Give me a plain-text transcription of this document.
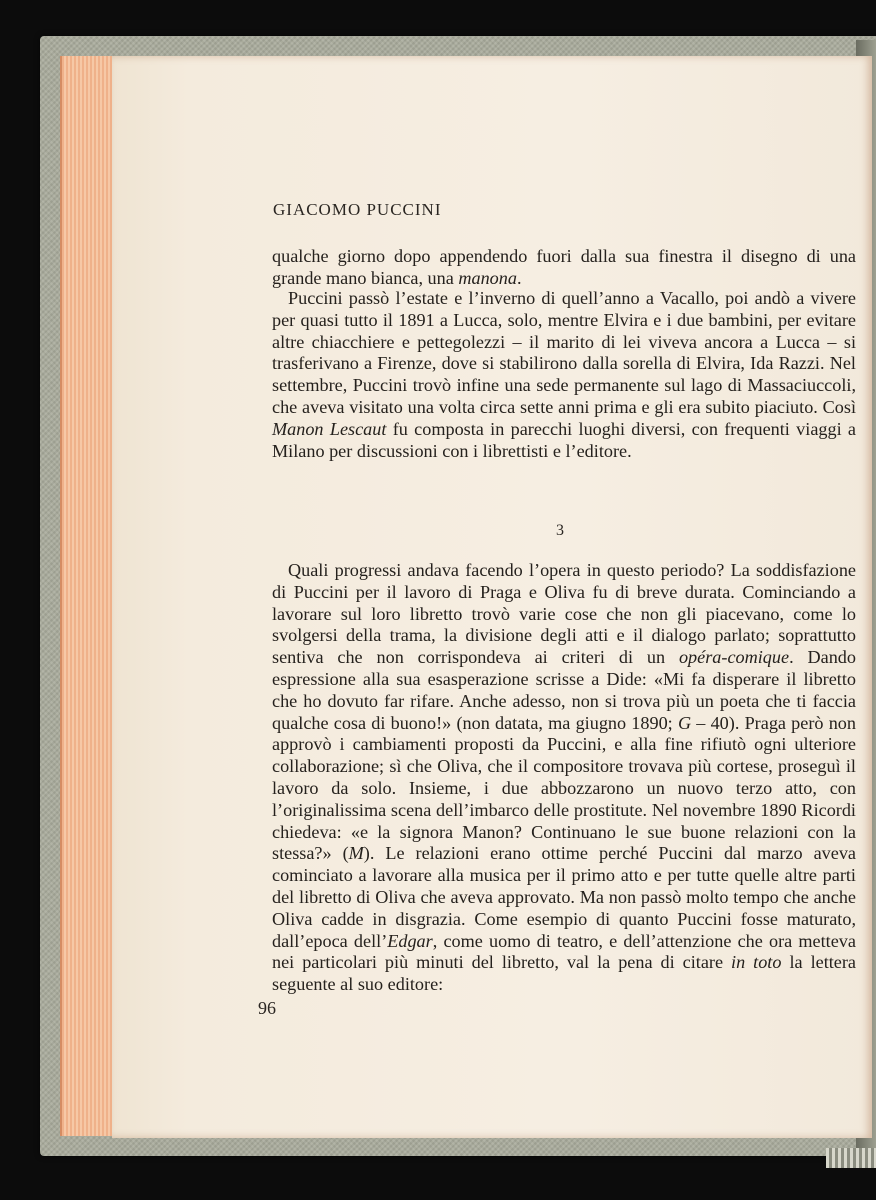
GIACOMO PUCCINI

qualche giorno dopo appendendo fuori dalla sua finestra il disegno di una grande mano bianca, una manona.

Puccini passò l’estate e l’inverno di quell’anno a Vacallo, poi andò a vivere per quasi tutto il 1891 a Lucca, solo, mentre Elvira e i due bambini, per evitare altre chiacchiere e pettegolezzi – il marito di lei viveva ancora a Lucca – si trasferivano a Firenze, dove si stabilirono dalla sorella di Elvira, Ida Razzi. Nel settembre, Puccini trovò infine una sede permanente sul lago di Massaciuccoli, che aveva visitato una volta circa sette anni prima e gli era subito piaciuto. Così Manon Lescaut fu composta in parecchi luoghi diversi, con frequenti viaggi a Milano per discussioni con i librettisti e l’editore.

3

Quali progressi andava facendo l’opera in questo periodo? La soddisfazione di Puccini per il lavoro di Praga e Oliva fu di breve durata. Cominciando a lavorare sul loro libretto trovò varie cose che non gli piacevano, come lo svolgersi della trama, la divisione degli atti e il dialogo parlato; soprattutto sentiva che non corrispondeva ai criteri di un opéra-comique. Dando espressione alla sua esasperazione scrisse a Dide: «Mi fa disperare il libretto che ho dovuto far rifare. Anche adesso, non si trova più un poeta che ti faccia qualche cosa di buono!» (non datata, ma giugno 1890; G – 40). Praga però non approvò i cambiamenti proposti da Puccini, e alla fine rifiutò ogni ulteriore collaborazione; sì che Oliva, che il compositore trovava più cortese, proseguì il lavoro da solo. Insieme, i due abbozzarono un nuovo terzo atto, con l’originalissima scena dell’imbarco delle prostitute. Nel novembre 1890 Ricordi chiedeva: «e la signora Manon? Continuano le sue buone relazioni con la stessa?» (M). Le relazioni erano ottime perché Puccini dal marzo aveva cominciato a lavorare alla musica per il primo atto e per tutte quelle altre parti del libretto di Oliva che aveva approvato. Ma non passò molto tempo che anche Oliva cadde in disgrazia. Come esempio di quanto Puccini fosse maturato, dall’epoca dell’Edgar, come uomo di teatro, e dell’attenzione che ora metteva nei particolari più minuti del libretto, val la pena di citare in toto la lettera seguente al suo editore:

96
